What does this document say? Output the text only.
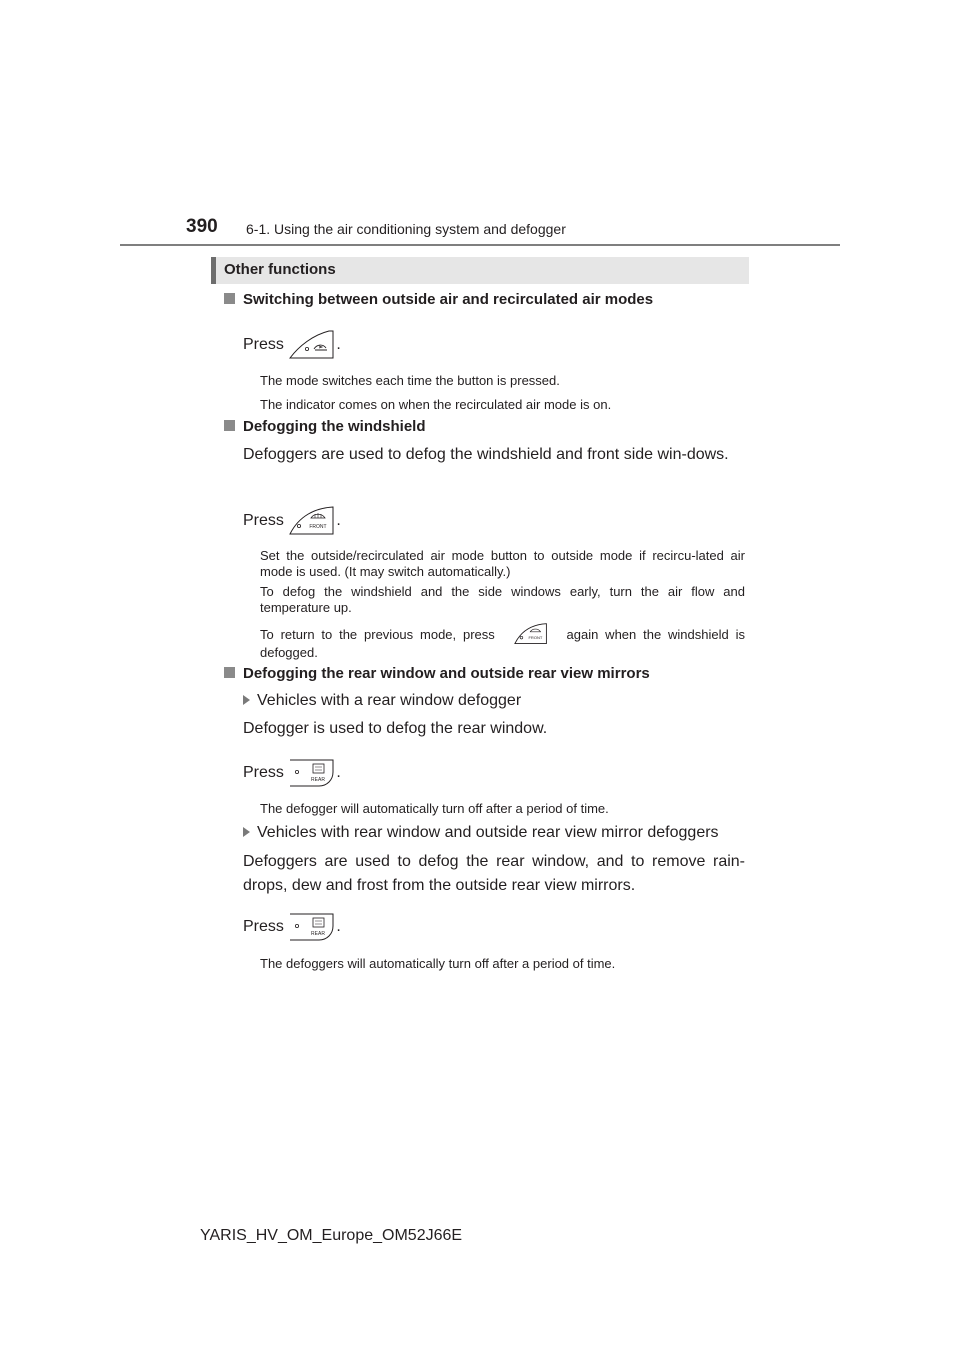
390 6-1. Using the air conditioning system and defogger
Other functions
Switching between outside air and recirculated air modes
Press	.
The mode switches each time the button is pressed.
The indicator comes on when the recirculated air mode is on.
Defogging the windshield
Defoggers are used to defog the windshield and front side win-dows.
Press	FRONT .
Set the outside/recirculated air mode button to outside mode if recircu-lated air mode is used. (It may switch automatically.)
To defog the windshield and the side windows early, turn the air flow and temperature up.
To return to the previous mode, press	FRONT again when the windshield is defogged.
Defogging the rear window and outside rear view mirrors
Vehicles with a rear window defogger
Defogger is used to defog the rear window.
Press	REAR .
The defogger will automatically turn off after a period of time.
Vehicles with rear window and outside rear view mirror defoggers
Defoggers are used to defog the rear window, and to remove rain-drops, dew and frost from the outside rear view mirrors.
Press	REAR .
The defoggers will automatically turn off after a period of time.
YARIS_HV_OM_Europe_OM52J66E
